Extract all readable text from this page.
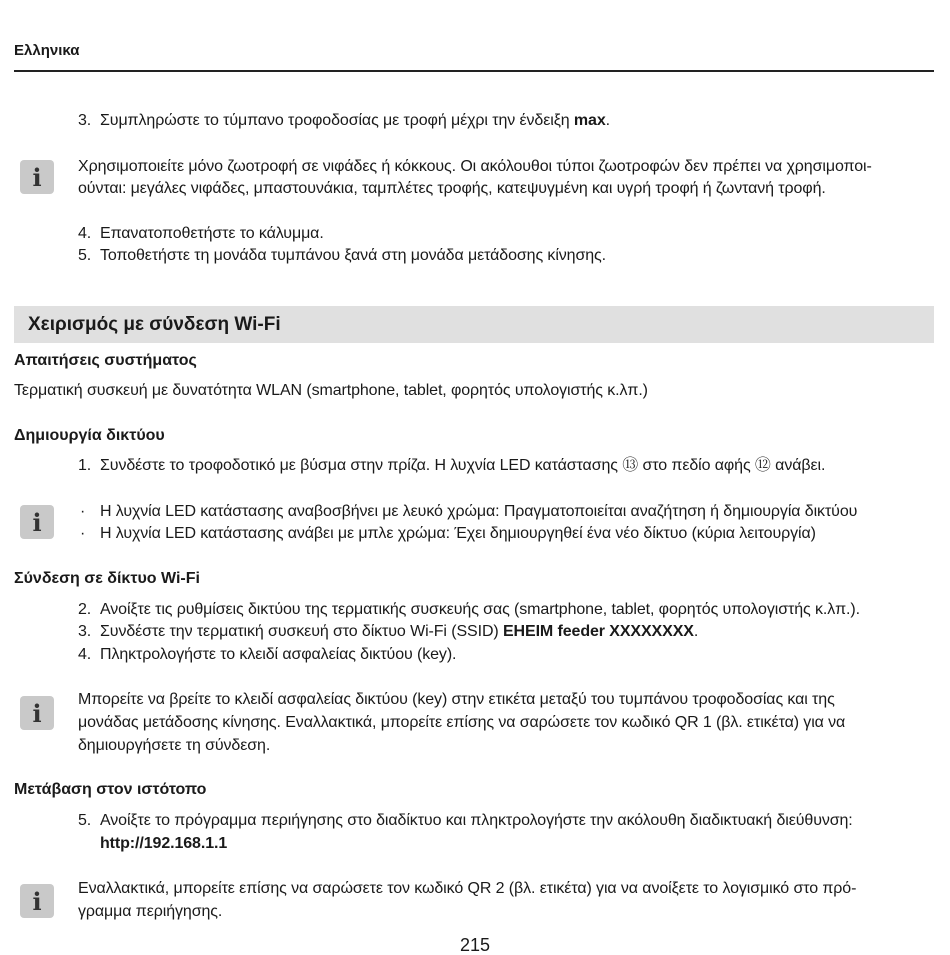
Ελληνικα
3. Συμπληρώστε το τύμπανο τροφοδοσίας με τροφή μέχρι την ένδειξη max.
i	Χρησιμοποιείτε μόνο ζωοτροφή σε νιφάδες ή κόκκους. Οι ακόλουθοι τύποι ζωοτροφών δεν πρέπει να χρησιμοποι-
ούνται: μεγάλες νιφάδες, μπαστουνάκια, ταμπλέτες τροφής, κατεψυγμένη και υγρή τροφή ή ζωντανή τροφή.
4. Επανατοποθετήστε το κάλυμμα.
5. Τοποθετήστε τη μονάδα τυμπάνου ξανά στη μονάδα μετάδοσης κίνησης.
Χειρισμός με σύνδεση Wi-Fi
Απαιτήσεις συστήματος
Τερματική συσκευή με δυνατότητα WLAN (smartphone, tablet, φορητός υπολογιστής κ.λπ.)
Δημιουργία δικτύου
1. Συνδέστε το τροφοδοτικό με βύσμα στην πρίζα. Η λυχνία LED κατάστασης ⑬ στο πεδίο αφής ⑫ ανάβει.
i	· Η λυχνία LED κατάστασης αναβοσβήνει με λευκό χρώμα: Πραγματοποιείται αναζήτηση ή δημιουργία δικτύου
· Η λυχνία LED κατάστασης ανάβει με μπλε χρώμα: Έχει δημιουργηθεί ένα νέο δίκτυο (κύρια λειτουργία)
Σύνδεση σε δίκτυο Wi-Fi
2. Ανοίξτε τις ρυθμίσεις δικτύου της τερματικής συσκευής σας (smartphone, tablet, φορητός υπολογιστής κ.λπ.).
3. Συνδέστε την τερματική συσκευή στο δίκτυο Wi-Fi (SSID) EHEIM feeder XXXXXXXX.
4. Πληκτρολογήστε το κλειδί ασφαλείας δικτύου (key).
i	Μπορείτε να βρείτε το κλειδί ασφαλείας δικτύου (key) στην ετικέτα μεταξύ του τυμπάνου τροφοδοσίας και της
μονάδας μετάδοσης κίνησης. Εναλλακτικά, μπορείτε επίσης να σαρώσετε τον κωδικό QR 1 (βλ. ετικέτα) για να
δημιουργήσετε τη σύνδεση.
Μετάβαση στον ιστότοπο
5. Ανοίξτε το πρόγραμμα περιήγησης στο διαδίκτυο και πληκτρολογήστε την ακόλουθη διαδικτυακή διεύθυνση:
http://192.168.1.1
i	Εναλλακτικά, μπορείτε επίσης να σαρώσετε τον κωδικό QR 2 (βλ. ετικέτα) για να ανοίξετε το λογισμικό στο πρό-
γραμμα περιήγησης.
215
